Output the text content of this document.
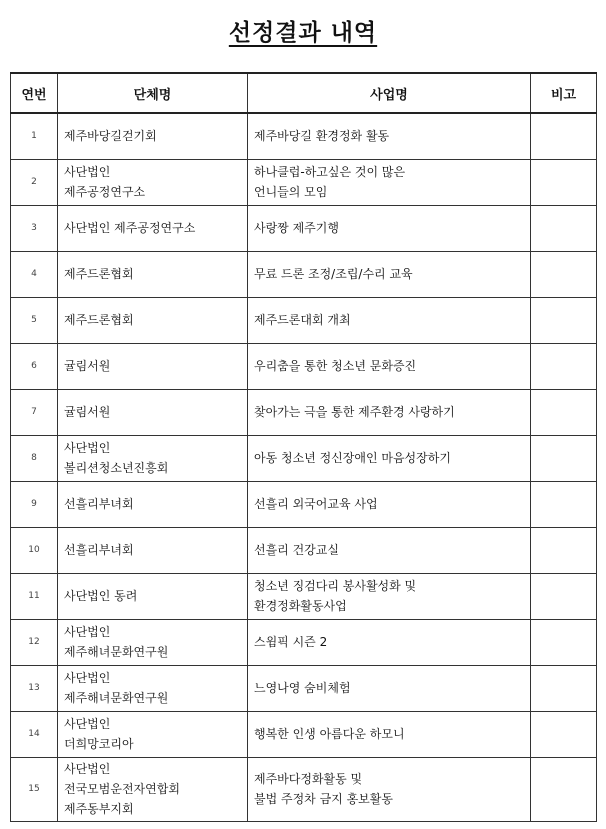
선정결과 내역
연번	단체명	사업명	비고

1	제주바당길걷기회	제주바당길 환경정화 활동	

2	사단법인
제주공정연구소	하나클럽-하고싶은 것이 많은
언니들의 모임	

3	사단법인 제주공정연구소	사랑짱 제주기행	

4	제주드론협회	무료 드론 조정/조립/수리 교육	

5	제주드론협회	제주드론대회 개최	

6	귤림서원	우리춤을 통한 청소년 문화증진	

7	귤림서원	찾아가는 극을 통한 제주환경 사랑하기	

8	사단법인
볼리션청소년진흥회	아동 청소년 정신장애인 마음성장하기	

9	선흘리부녀회	선흘리 외국어교육 사업	

10	선흘리부녀회	선흘리 건강교실	

11	사단법인 동려	청소년 징검다리 봉사활성화 및
환경정화활동사업	

12	사단법인
제주해녀문화연구원	스윔픽 시즌 2	

13	사단법인
제주해녀문화연구원	느영나영 숨비체험	

14	사단법인
더희망코리아	행복한 인생 아름다운 하모니	

15	사단법인
전국모범운전자연합회
제주동부지회	제주바다정화활동 및
불법 주정차 금지 홍보활동	
